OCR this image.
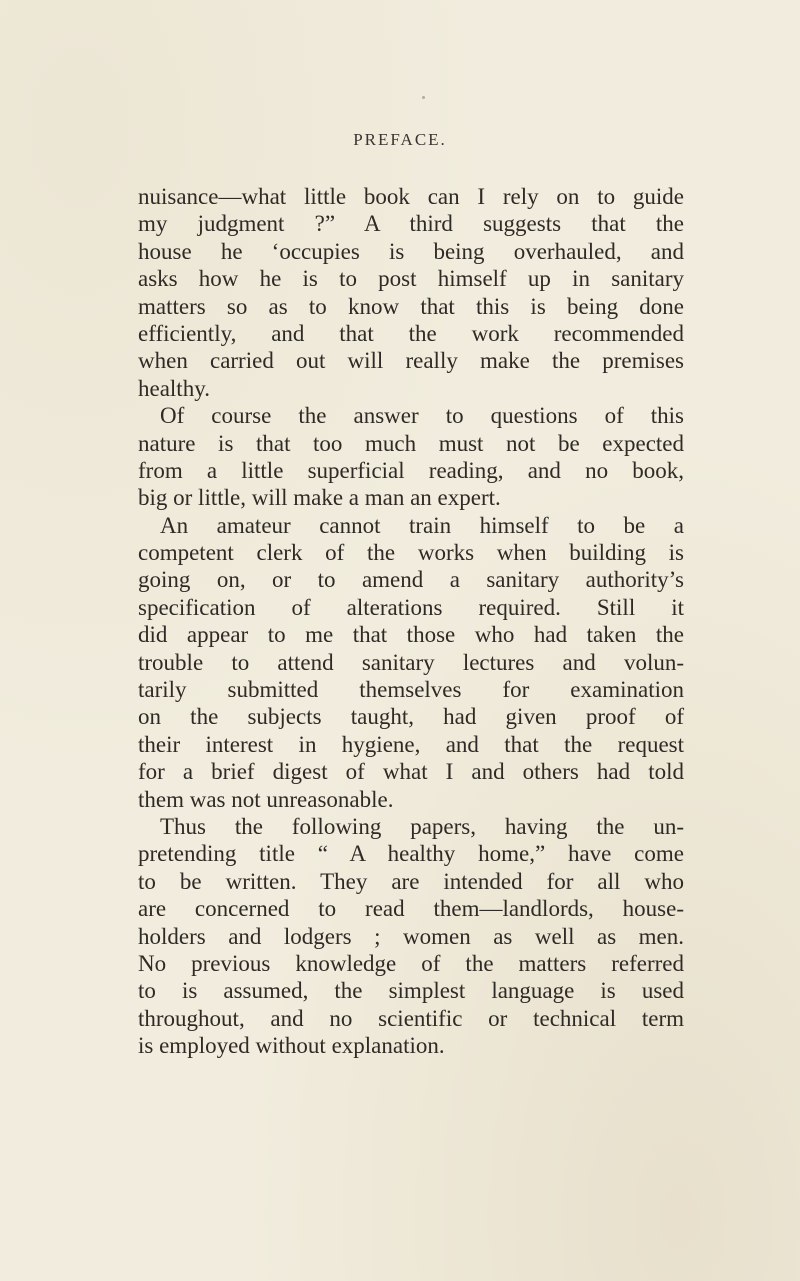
PREFACE.
nuisance—what little book can I rely on to guide
my judgment ?” A third suggests that the
house he ‘occupies is being overhauled, and
asks how he is to post himself up in sanitary
matters so as to know that this is being done
efficiently, and that the work recommended
when carried out will really make the premises
healthy.
Of course the answer to questions of this
nature is that too much must not be expected
from a little superficial reading, and no book,
big or little, will make a man an expert.
An amateur cannot train himself to be a
competent clerk of the works when building is
going on, or to amend a sanitary authority’s
specification of alterations required. Still it
did appear to me that those who had taken the
trouble to attend sanitary lectures and volun-
tarily submitted themselves for examination
on the subjects taught, had given proof of
their interest in hygiene, and that the request
for a brief digest of what I and others had told
them was not unreasonable.
Thus the following papers, having the un-
pretending title “ A healthy home,” have come
to be written. They are intended for all who
are concerned to read them—landlords, house-
holders and lodgers ; women as well as men.
No previous knowledge of the matters referred
to is assumed, the simplest language is used
throughout, and no scientific or technical term
is employed without explanation.
